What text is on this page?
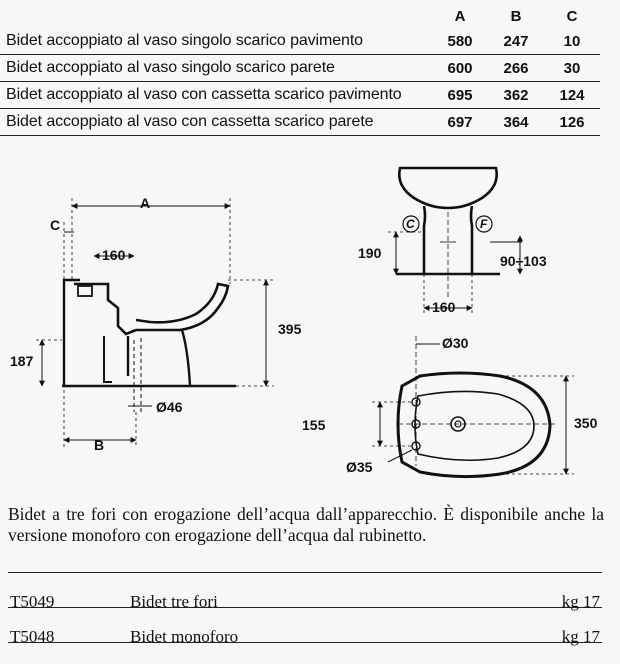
	A	B	C
Bidet accoppiato al vaso singolo scarico pavimento	580	247	10
Bidet accoppiato al vaso singolo scarico parete	600	266	30
Bidet accoppiato al vaso con cassetta scarico pavimento	695	362	124
Bidet accoppiato al vaso con cassetta scarico parete	697	364	126
A
C
160
395
187
Ø46
B
C	F
190	90÷103
160
Ø30
155	350
Ø35

Bidet a tre fori con erogazione dell’acqua dall’apparecchio. È disponibile anche la versione monoforo con erogazione dell’acqua dal rubinetto.

T5049	Bidet tre fori	kg 17
T5048	Bidet monoforo	kg 17
